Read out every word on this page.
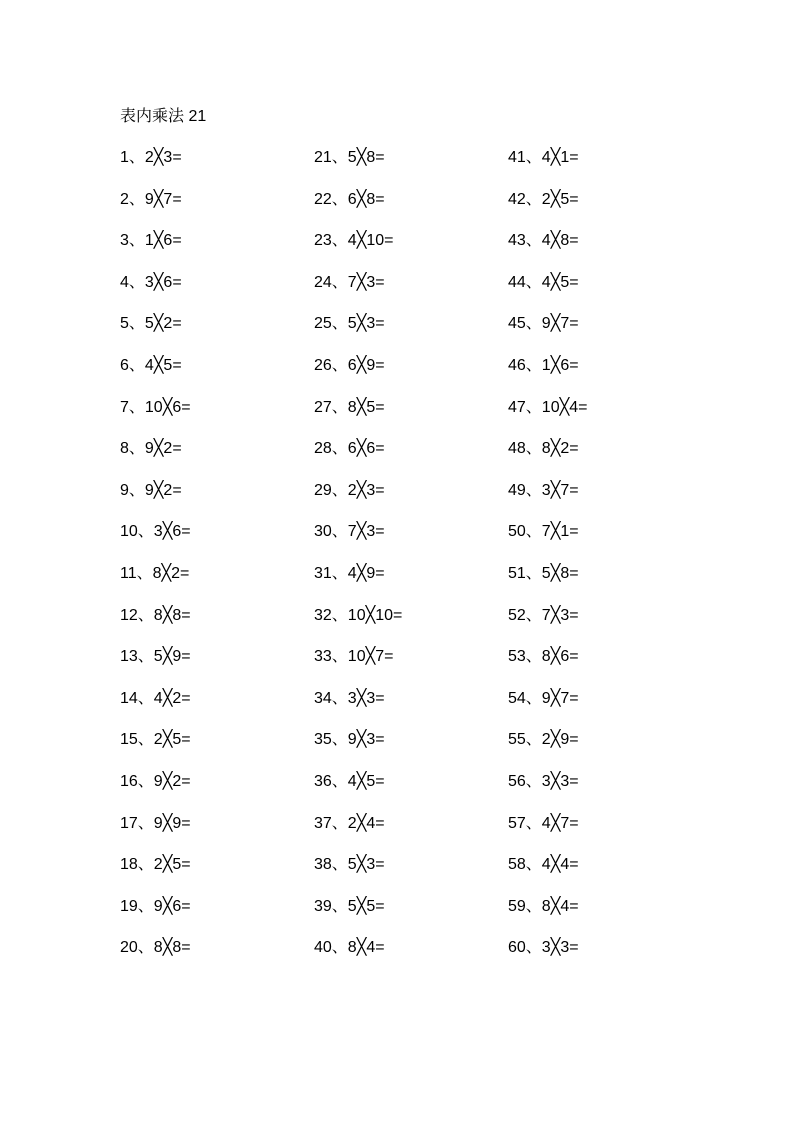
表内乘法 21
1、2╳3=
2、9╳7=
3、1╳6=
4、3╳6=
5、5╳2=
6、4╳5=
7、10╳6=
8、9╳2=
9、9╳2=
10、3╳6=
11、8╳2=
12、8╳8=
13、5╳9=
14、4╳2=
15、2╳5=
16、9╳2=
17、9╳9=
18、2╳5=
19、9╳6=
20、8╳8=
21、5╳8=
22、6╳8=
23、4╳10=
24、7╳3=
25、5╳3=
26、6╳9=
27、8╳5=
28、6╳6=
29、2╳3=
30、7╳3=
31、4╳9=
32、10╳10=
33、10╳7=
34、3╳3=
35、9╳3=
36、4╳5=
37、2╳4=
38、5╳3=
39、5╳5=
40、8╳4=
41、4╳1=
42、2╳5=
43、4╳8=
44、4╳5=
45、9╳7=
46、1╳6=
47、10╳4=
48、8╳2=
49、3╳7=
50、7╳1=
51、5╳8=
52、7╳3=
53、8╳6=
54、9╳7=
55、2╳9=
56、3╳3=
57、4╳7=
58、4╳4=
59、8╳4=
60、3╳3=
